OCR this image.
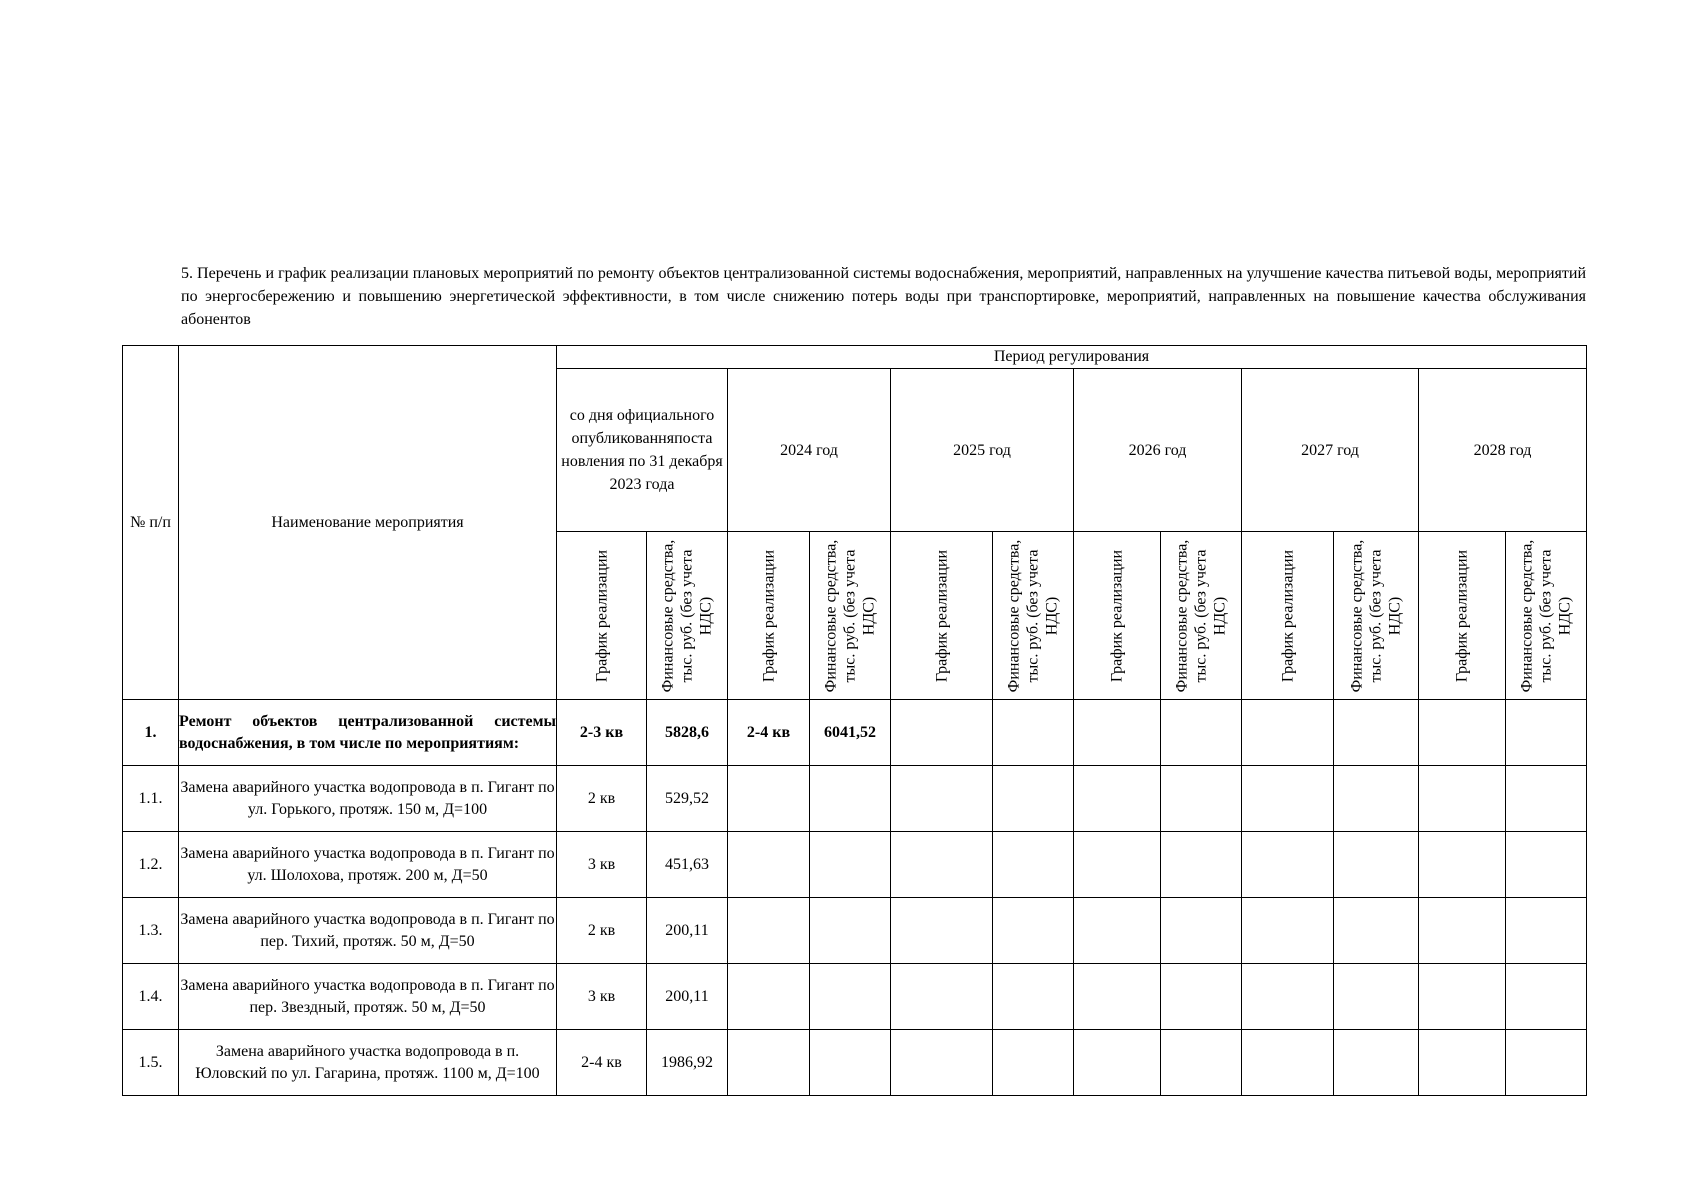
5. Перечень и график реализации плановых мероприятий по ремонту объектов централизованной системы водоснабжения, мероприятий, направленных на улучшение качества питьевой воды, мероприятий по энергосбережению и повышению энергетической эффективности, в том числе снижению потерь воды при транспортировке, мероприятий, направленных на повышение качества обслуживания абонентов
№ п/п	Наименование мероприятия	Период регулирования											
		со дня официального опубликованняпоста новления по 31 декабря 2023 года		2024 год		2025 год		2026 год		2027 год		2028 год	

		График реализации	Финансовые средства, тыс. руб. (без учета НДС)	График реализации	Финансовые средства, тыс. руб. (без учета НДС)	График реализации	Финансовые средства, тыс. руб. (без учета НДС)	График реализации	Финансовые средства, тыс. руб. (без учета НДС)	График реализации	Финансовые средства, тыс. руб. (без учета НДС)	График реализации	Финансовые средства, тыс. руб. (без учета НДС)

1.	Ремонт объектов централизованной системы водоснабжения, в том числе по мероприятиям:	2-3 кв	5828,6	2-4 кв	6041,52								
1.1.	Замена аварийного участка водопровода в п. Гигант по ул. Горького, протяж. 150 м, Д=100	2 кв	529,52										
1.2.	Замена аварийного участка водопровода в п. Гигант по ул. Шолохова, протяж. 200 м, Д=50	3 кв	451,63										
1.3.	Замена аварийного участка водопровода в п. Гигант по пер. Тихий, протяж. 50 м, Д=50	2 кв	200,11										
1.4.	Замена аварийного участка водопровода в п. Гигант по пер. Звездный, протяж. 50 м, Д=50	3 кв	200,11										
1.5.	Замена аварийного участка водопровода в п. Юловский по ул. Гагарина, протяж. 1100 м, Д=100	2-4 кв	1986,92										
